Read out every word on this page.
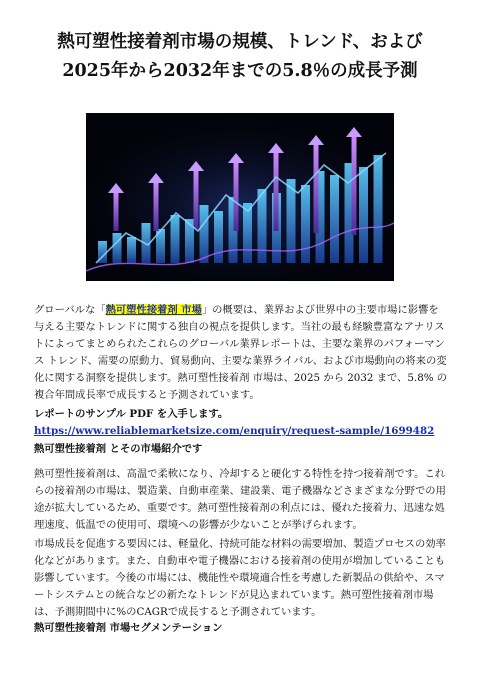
熱可塑性接着剤市場の規模、トレンド、および
2025年から2032年までの5.8％の成長予測

グローバルな「熱可塑性接着剤 市場」の概要は、業界および世界中の主要市場に影響を与える主要なトレンドに関する独自の視点を提供します。当社の最も経験豊富なアナリストによってまとめられたこれらのグローバル業界レポートは、主要な業界のパフォーマンス トレンド、需要の原動力、貿易動向、主要な業界ライバル、および市場動向の将来の変化に関する洞察を提供します。熱可塑性接着剤 市場は、2025 から 2032 まで、5.8% の複合年間成長率で成長すると予測されています。

レポートのサンプル PDF を入手します。https://www.reliablemarketsize.com/enquiry/request-sample/1699482

熱可塑性接着剤 とその市場紹介です

熱可塑性接着剤は、高温で柔軟になり、冷却すると硬化する特性を持つ接着剤です。これらの接着剤の市場は、製造業、自動車産業、建設業、電子機器などさまざまな分野での用途が拡大しているため、重要です。熱可塑性接着剤の利点には、優れた接着力、迅速な処理速度、低温での使用可、環境への影響が少ないことが挙げられます。

市場成長を促進する要因には、軽量化、持続可能な材料の需要増加、製造プロセスの効率化などがあります。また、自動車や電子機器における接着剤の使用が増加していることも影響しています。今後の市場には、機能性や環境適合性を考慮した新製品の供給や、スマートシステムとの統合などの新たなトレンドが見込まれています。熱可塑性接着剤市場は、予測期間中に%のCAGRで成長すると予測されています。

熱可塑性接着剤 市場セグメンテーション
